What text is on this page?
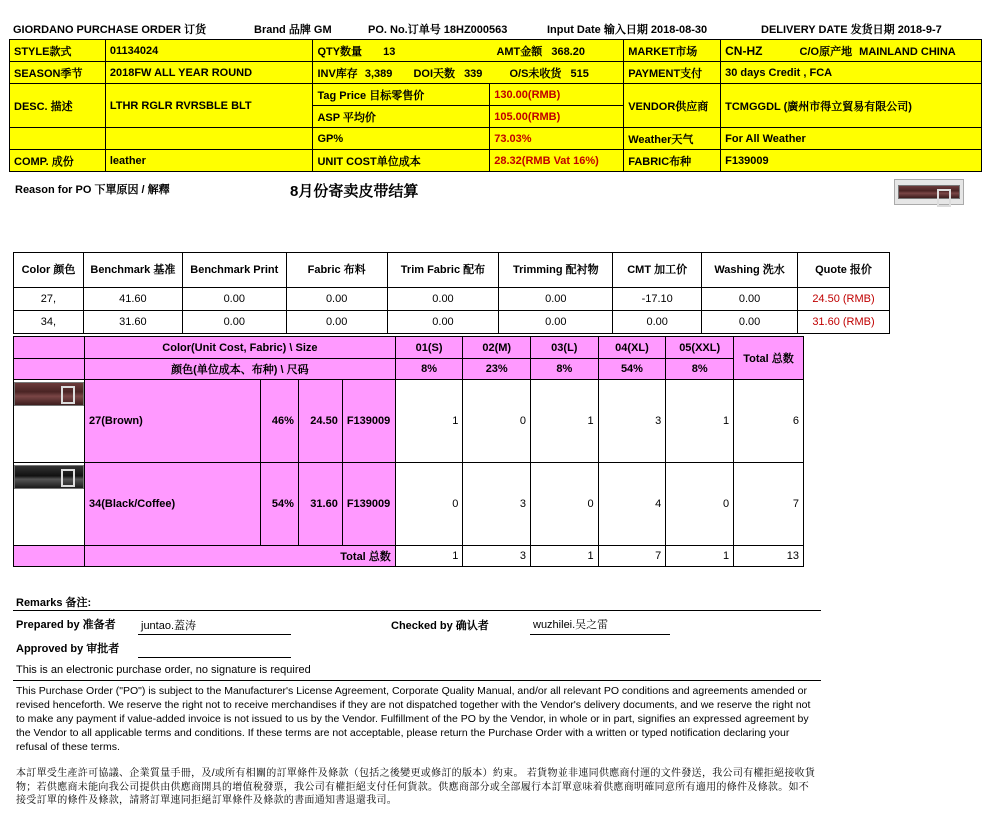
GIORDANO PURCHASE ORDER 订货	Brand 品牌 GM	PO. No.订单号 18HZ000563	Input Date 输入日期 2018-08-30	DELIVERY DATE 发货日期 2018-9-7
STYLE款式	01134024	QTY数量 13 AMT金额 368.20		MARKET市场	CN-HZ C/O原产地 MAINLAND CHINA
SEASON季节	2018FW ALL YEAR ROUND	INV库存 3,389 DOI天数 339 O/S未收货 515		PAYMENT支付	30 days Credit , FCA
DESC. 描述	LTHR RGLR RVRSBLE BLT	Tag Price 目标零售价	130.00(RMB)	VENDOR供应商	TCMGGDL (廣州市得立貿易有限公司)
		ASP 平均价	105.00(RMB)		
		GP%	73.03%	Weather天气	For All Weather
COMP. 成份	leather	UNIT COST单位成本	28.32(RMB Vat 16%)	FABRIC布种	F139009
Reason for PO 下單原因 / 解釋	8月份寄卖皮带结算
Color 颜色	Benchmark 基准	Benchmark Print	Fabric 布料	Trim Fabric 配布	Trimming 配衬物	CMT 加工价	Washing 洗水	Quote 报价
27,	41.60	0.00	0.00	0.00	0.00	-17.10	0.00	24.50 (RMB)
34,	31.60	0.00	0.00	0.00	0.00	0.00	0.00	31.60 (RMB)
	Color(Unit Cost, Fabric) \ Size				01(S)	02(M)	03(L)	04(XL)	05(XXL)	Total 总数
	颜色(单位成本、布种) \ 尺码				8%	23%	8%	54%	8%	

	27(Brown)	46%	24.50	F139009	1	0	1	3	1	6

	34(Black/Coffee)	54%	31.60	F139009	0	3	0	4	0	7
	Total 总数				1	3	1	7	1	13
Remarks 备注:
Prepared by 准备者 juntao.蓋涛	Checked by 确认者	wuzhilei.吴之雷
Approved by 审批者
This is an electronic purchase order, no signature is required
This Purchase Order ("PO") is subject to the Manufacturer's License Agreement, Corporate Quality Manual, and/or all relevant PO conditions and agreements amended or revised henceforth. We reserve the right not to receive merchandises if they are not dispatched together with the Vendor's delivery documents, and we reserve the right not to make any payment if value-added invoice is not issued to us by the Vendor. Fulfillment of the PO by the Vendor, in whole or in part, signifies an expressed agreement by the Vendor to all applicable terms and conditions. If these terms are not acceptable, please return the Purchase Order with a written or typed notification declaring your refusal of these terms.
本訂單受生產許可協議、企業質量手冊，及/或所有相關的訂單條件及條款（包括之後變更或修訂的版本）約束。 若貨物並非連同供應商付運的文件發送，我公司有權拒絕接收貨物；若供應商未能向我公司提供由供應商開具的增值稅發票，我公司有權拒絕支付任何貨款。供應商部分或全部履行本訂單意味着供應商明確同意所有適用的條件及條款。如不接受訂單的條件及條款，請將訂單連同拒絕訂單條件及條款的書面通知書退還我司。
